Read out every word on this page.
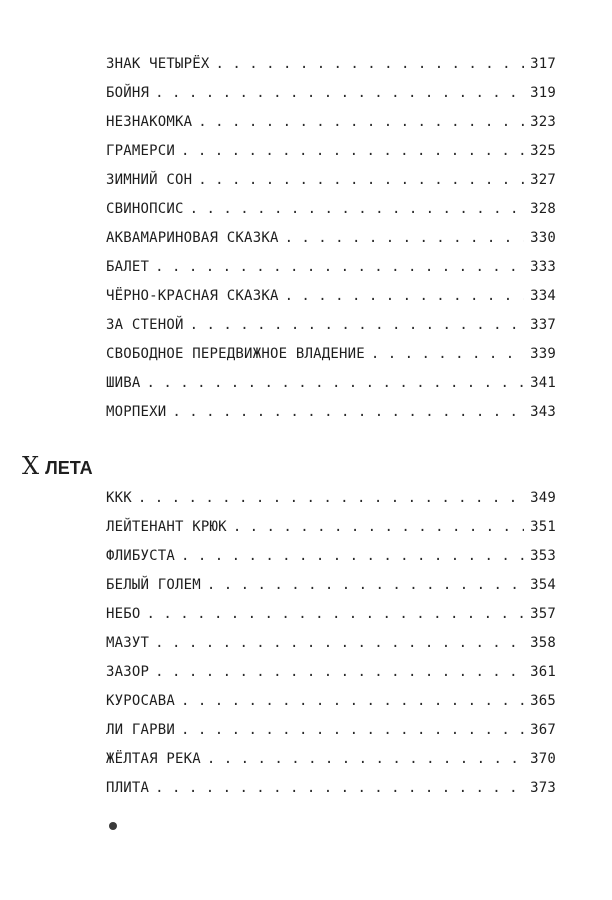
ЗНАК ЧЕТЫРЁХ . . .	317
БОЙНЯ . . .	319
НЕЗНАКОМКА . . .	323
ГРАМЕРСИ . . .	325
ЗИМНИЙ СОН . . .	327
СВИНОПСИС . . .	328
АКВАМАРИНОВАЯ СКАЗКА . . .	330
БАЛЕТ . . .	333
ЧЁРНО-КРАСНАЯ СКАЗКА . . .	334
ЗА СТЕНОЙ . . .	337
СВОБОДНОЕ ПЕРЕДВИЖНОЕ ВЛАДЕНИЕ . . .	339
ШИВА . . .	341
МОРПЕХИ . . .	343
X ЛЕТА
ККК . . .	349
ЛЕЙТЕНАНТ КРЮК . . .	351
ФЛИБУСТА . . .	353
БЕЛЫЙ ГОЛЕМ . . .	354
НЕБО . . .	357
МАЗУТ . . .	358
ЗАЗОР . . .	361
КУРОСАВА . . .	365
ЛИ ГАРВИ . . .	367
ЖЁЛТАЯ РЕКА . . .	370
ПЛИТА . . .	373
